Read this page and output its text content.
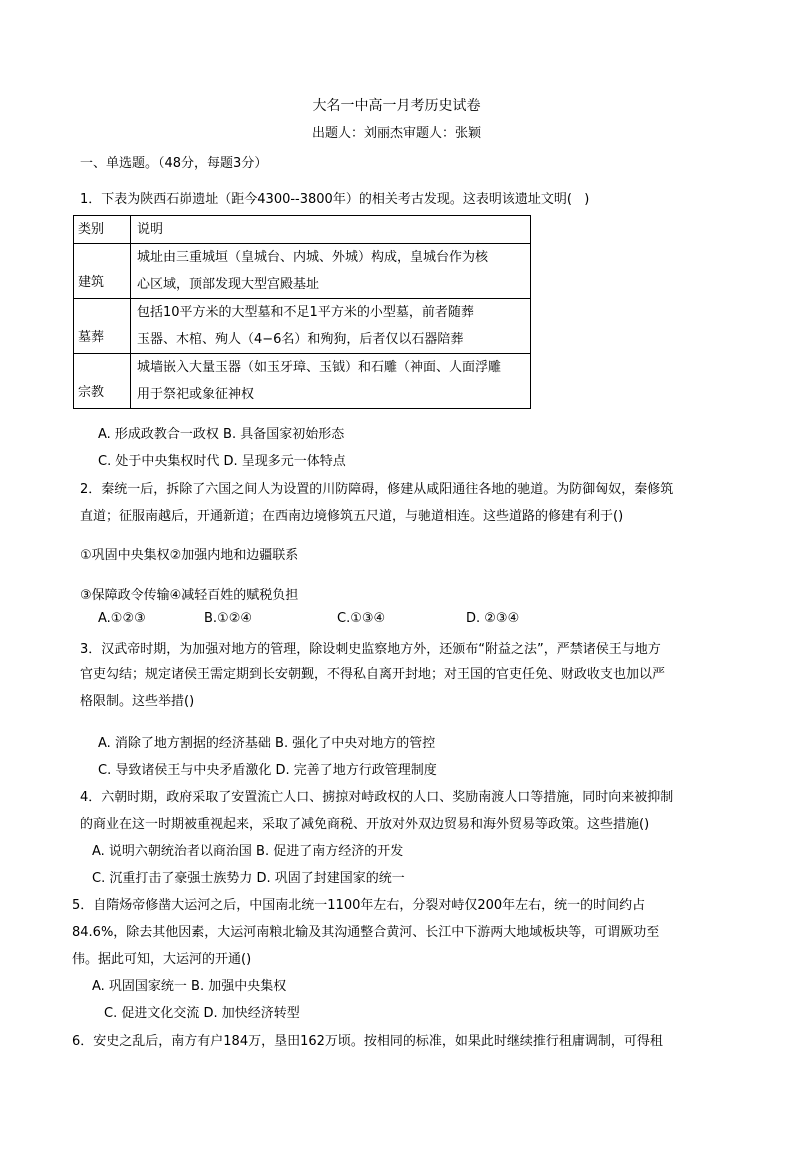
大名一中高一月考历史试卷
出题人：刘丽杰审题人：张颖
一、单选题。（48分，每题3分）
1．下表为陕西石峁遗址（距今4300--3800年）的相关考古发现。这表明该遗址文明(   )
类别	说明
建筑	城址由三重城垣（皇城台、内城、外城）构成，皇城台作为核
心区域，顶部发现大型宫殿基址

墓葬	包括10平方米的大型墓和不足1平方米的小型墓，前者随葬
玉器、木棺、殉人（4−6名）和殉狗，后者仅以石器陪葬

宗教	城墙嵌入大量玉器（如玉牙璋、玉钺）和石雕（神面、人面浮雕
用于祭祀或象征神权
A. 形成政教合一政权 B. 具备国家初始形态
C. 处于中央集权时代 D. 呈现多元一体特点
2．秦统一后，拆除了六国之间人为设置的川防障碍，修建从咸阳通往各地的驰道。为防御匈奴，秦修筑
直道；征服南越后，开通新道；在西南边境修筑五尺道，与驰道相连。这些道路的修建有利于()
①巩固中央集权②加强内地和边疆联系
③保障政令传输④减轻百姓的赋税负担
A.①②③	B.①②④	C.①③④	D. ②③④
3．汉武帝时期，为加强对地方的管理，除设刺史监察地方外，还颁布“附益之法”，严禁诸侯王与地方
官吏勾结；规定诸侯王需定期到长安朝觐，不得私自离开封地；对王国的官吏任免、财政收支也加以严
格限制。这些举措()
A. 消除了地方割据的经济基础 B. 强化了中央对地方的管控
C. 导致诸侯王与中央矛盾激化 D. 完善了地方行政管理制度
4．六朝时期，政府采取了安置流亡人口、掳掠对峙政权的人口、奖励南渡人口等措施，同时向来被抑制
的商业在这一时期被重视起来，采取了减免商税、开放对外双边贸易和海外贸易等政策。这些措施()
A. 说明六朝统治者以商治国 B. 促进了南方经济的开发
C. 沉重打击了豪强士族势力 D. 巩固了封建国家的统一
5．自隋炀帝修凿大运河之后，中国南北统一1100年左右，分裂对峙仅200年左右，统一的时间约占
84.6%，除去其他因素，大运河南粮北输及其沟通整合黄河、长江中下游两大地域板块等，可谓厥功至
伟。据此可知，大运河的开通()
A. 巩固国家统一 B. 加强中央集权
C. 促进文化交流 D. 加快经济转型
6．安史之乱后，南方有户184万，垦田162万顷。按相同的标准，如果此时继续推行租庸调制，可得租
